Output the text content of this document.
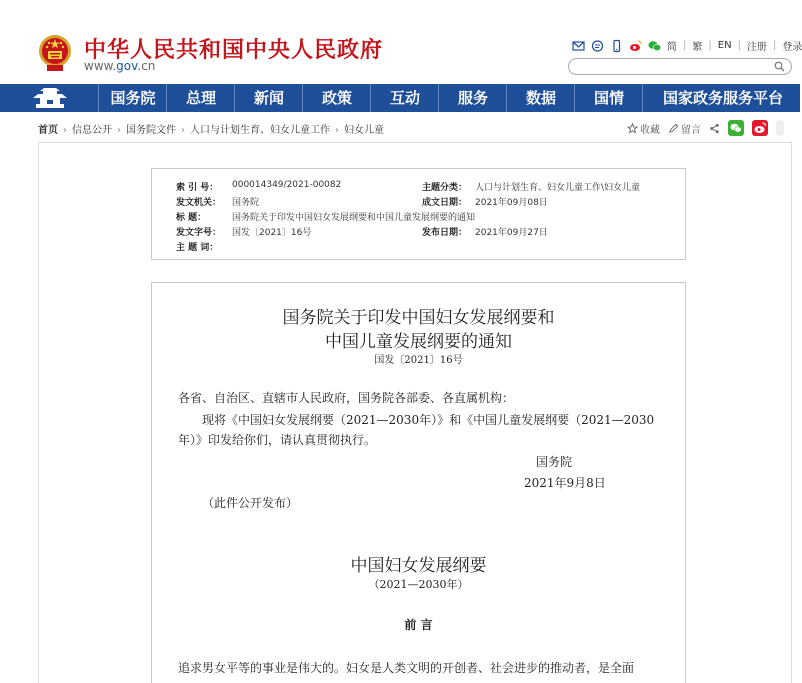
中华人民共和国中央人民政府
www.gov.cn
简 | 繁 | EN | 注册 | 登录
国务院	总理	新闻	政策	互动	服务	数据	国情	国家政务服务平台
首页 › 信息公开 › 国务院文件 › 人口与计划生育、妇女儿童工作 › 妇女儿童	收藏 留言
索 引 号： 000014349/2021-00082	主题分类： 人口与计划生育、妇女儿童工作\妇女儿童
发文机关： 国务院	成文日期： 2021年09月08日
标 题：	国务院关于印发中国妇女发展纲要和中国儿童发展纲要的通知
发文字号： 国发〔2021〕16号	发布日期： 2021年09月27日
主 题 词：
国务院关于印发中国妇女发展纲要和
中国儿童发展纲要的通知
国发〔2021〕16号
各省、自治区、直辖市人民政府，国务院各部委、各直属机构：
现将《中国妇女发展纲要（2021—2030年）》和《中国儿童发展纲要（2021—2030
年）》印发给你们，请认真贯彻执行。
国务院
2021年9月8日
（此件公开发布）
中国妇女发展纲要
（2021—2030年）
前 言
追求男女平等的事业是伟大的。妇女是人类文明的开创者、社会进步的推动者，是全面
